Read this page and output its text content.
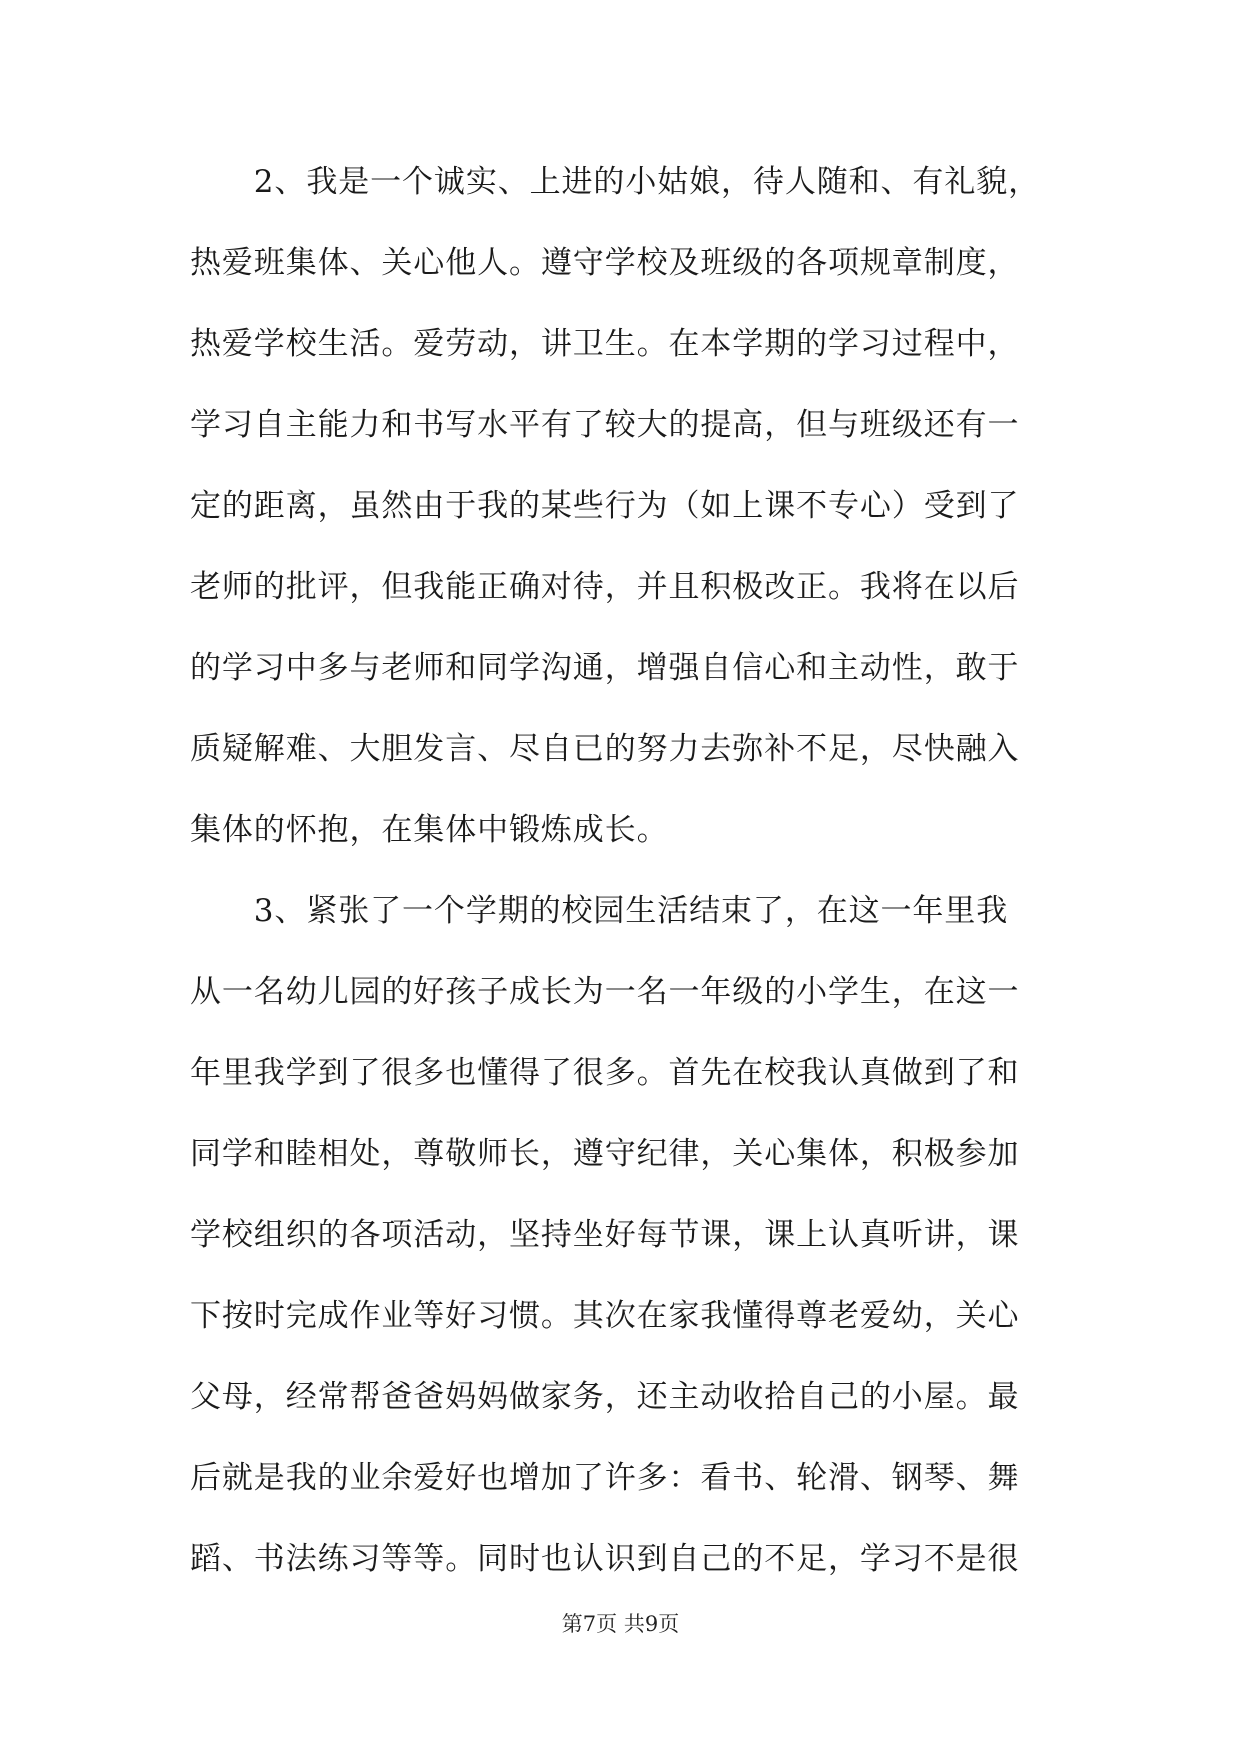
　　2、我是一个诚实、上进的小姑娘，待人随和、有礼貌，
热爱班集体、关心他人。遵守学校及班级的各项规章制度，
热爱学校生活。爱劳动，讲卫生。在本学期的学习过程中，
学习自主能力和书写水平有了较大的提高，但与班级还有一
定的距离，虽然由于我的某些行为（如上课不专心）受到了
老师的批评，但我能正确对待，并且积极改正。我将在以后
的学习中多与老师和同学沟通，增强自信心和主动性，敢于
质疑解难、大胆发言、尽自已的努力去弥补不足，尽快融入
集体的怀抱，在集体中锻炼成长。
　　3、紧张了一个学期的校园生活结束了，在这一年里我
从一名幼儿园的好孩子成长为一名一年级的小学生，在这一
年里我学到了很多也懂得了很多。首先在校我认真做到了和
同学和睦相处，尊敬师长，遵守纪律，关心集体，积极参加
学校组织的各项活动，坚持坐好每节课，课上认真听讲，课
下按时完成作业等好习惯。其次在家我懂得尊老爱幼，关心
父母，经常帮爸爸妈妈做家务，还主动收拾自己的小屋。最
后就是我的业余爱好也增加了许多：看书、轮滑、钢琴、舞
蹈、书法练习等等。同时也认识到自己的不足，学习不是很
第7页 共9页
